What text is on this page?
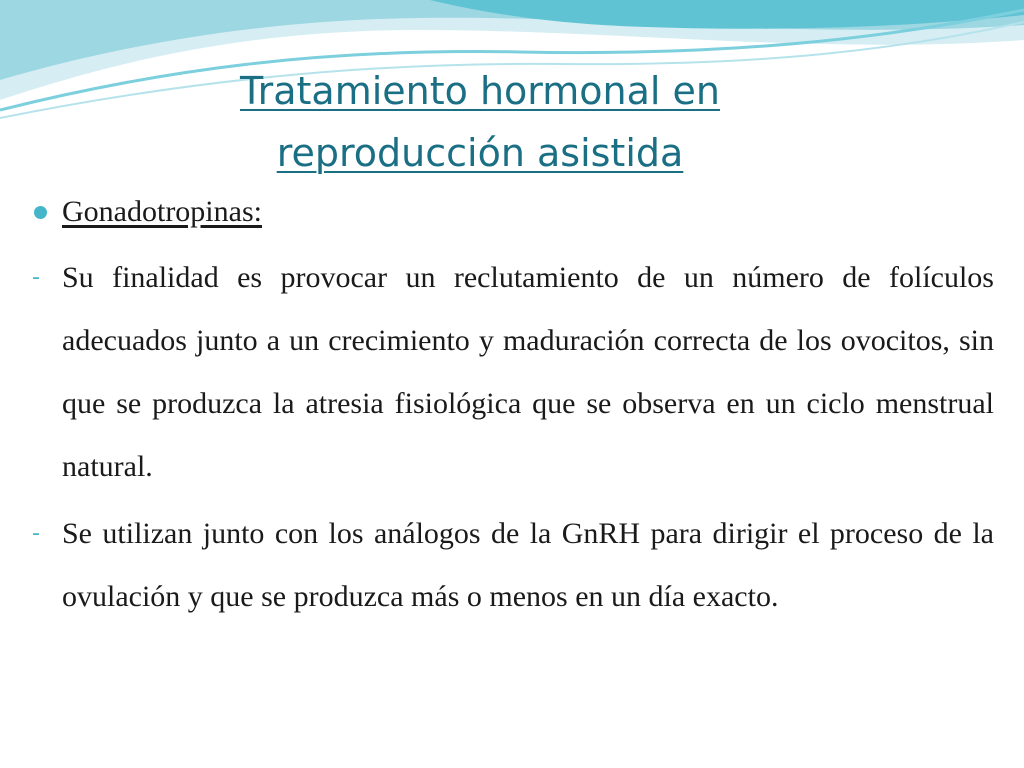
Tratamiento hormonal en
reproducción asistida
Gonadotropinas:
- Su finalidad es provocar un reclutamiento de un número de folículos adecuados junto a un crecimiento y maduración correcta de los ovocitos, sin que se produzca la atresia fisiológica que se observa en un ciclo menstrual natural.
- Se utilizan junto con los análogos de la GnRH para dirigir el proceso de la ovulación y que se produzca más o menos en un día exacto.
